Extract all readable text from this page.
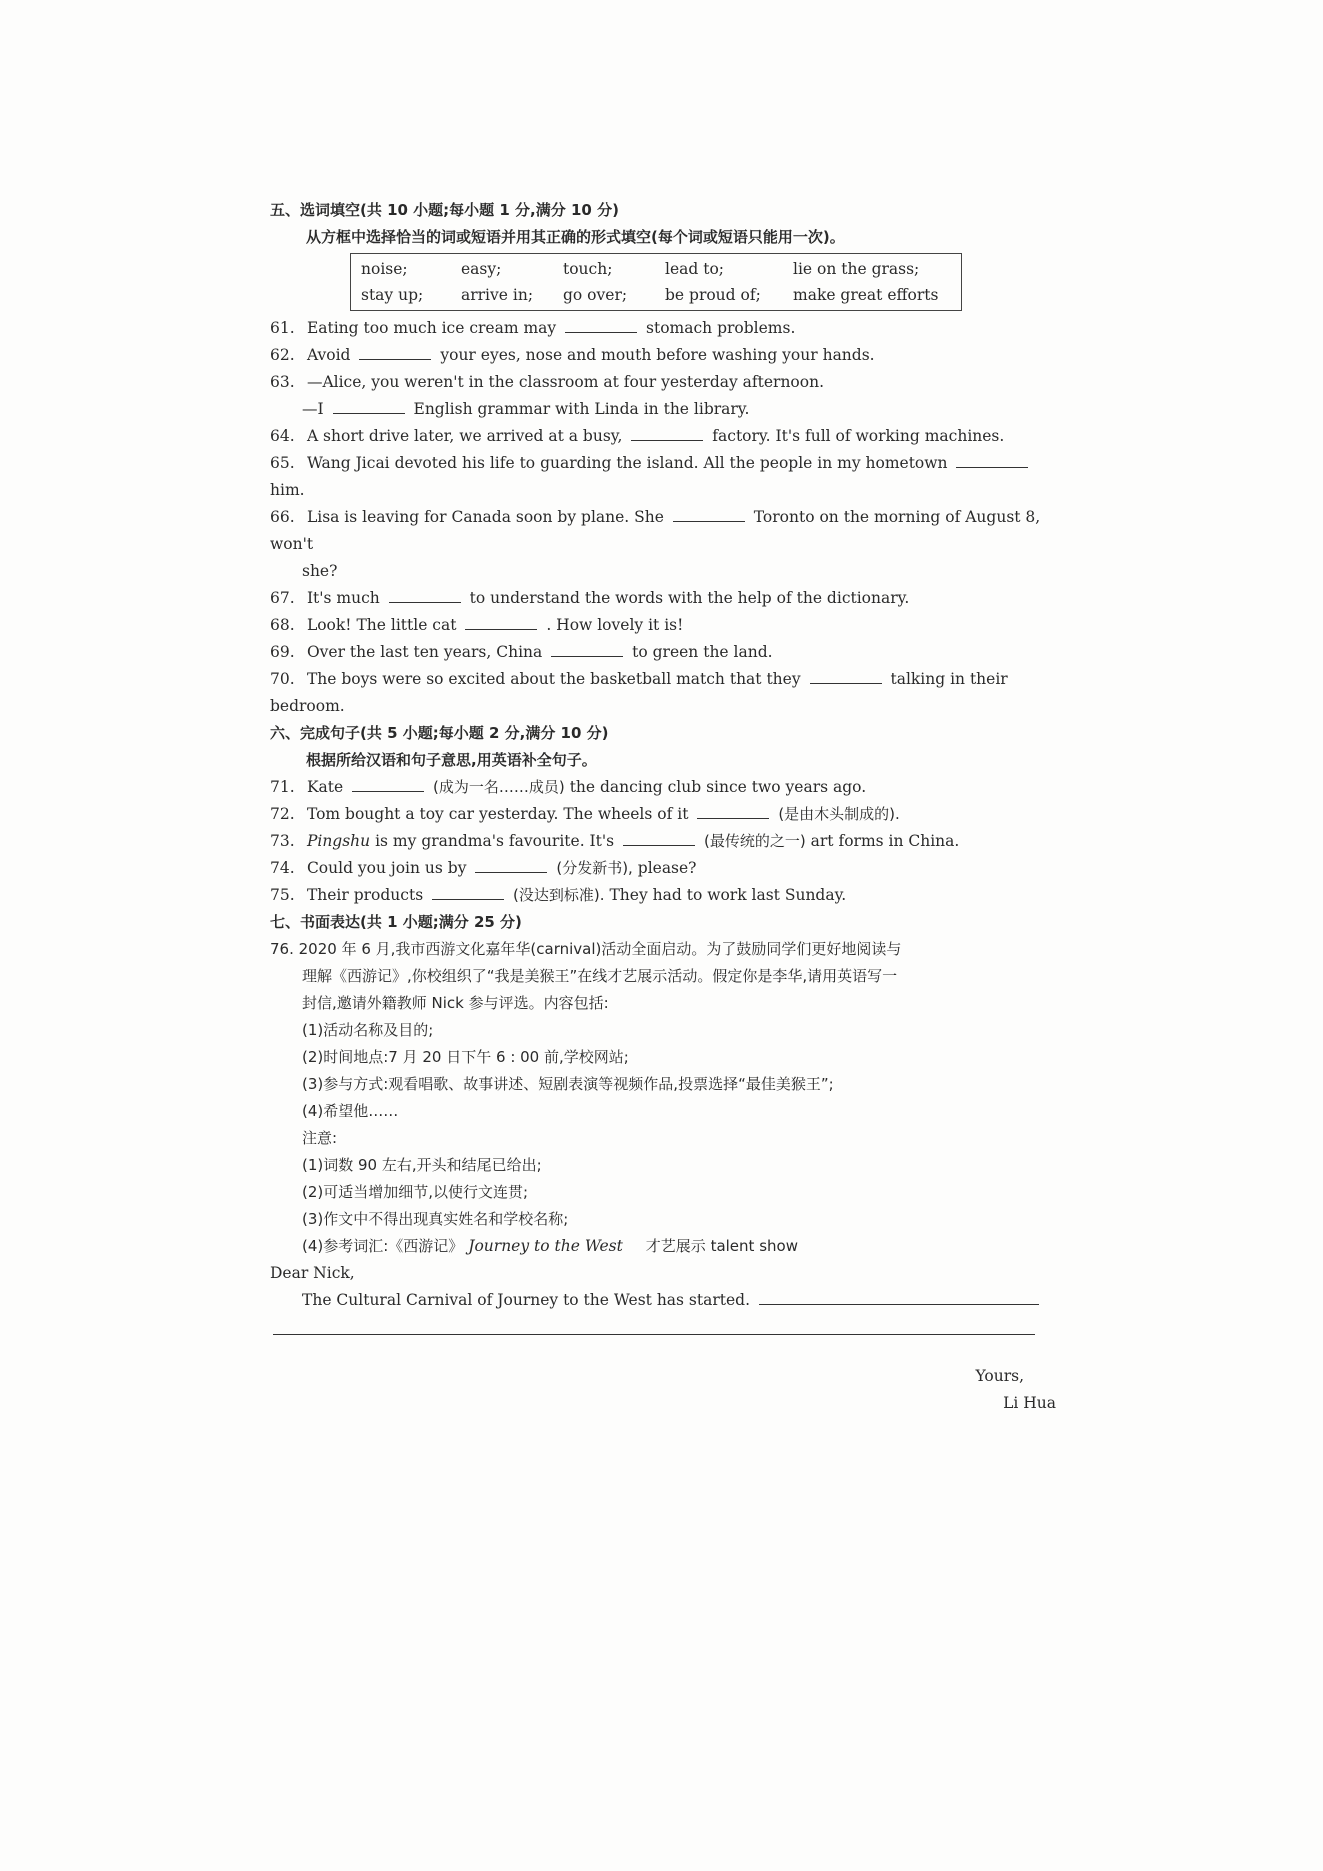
五、选词填空(共 10 小题;每小题 1 分,满分 10 分)
从方框中选择恰当的词或短语并用其正确的形式填空(每个词或短语只能用一次)。
noise;	easy;	touch;	lead to;	lie on the grass;
stay up;	arrive in;	go over;	be proud of;	make great efforts
61. Eating too much ice cream may	stomach problems.
62. Avoid	your eyes, nose and mouth before washing your hands.
63. —Alice, you weren't in the classroom at four yesterday afternoon.
—I	English grammar with Linda in the library.
64. A short drive later, we arrived at a busy,	factory. It's full of working machines.
65. Wang Jicai devoted his life to guarding the island. All the people in my hometown  him.
66. Lisa is leaving for Canada soon by plane. She	Toronto on the morning of August 8, won't
she?
67. It's much	to understand the words with the help of the dictionary.
68. Look! The little cat	. How lovely it is!
69. Over the last ten years, China	to green the land.
70. The boys were so excited about the basketball match that they	talking in their bedroom.
六、完成句子(共 5 小题;每小题 2 分,满分 10 分)
根据所给汉语和句子意思,用英语补全句子。
71. Kate	(成为一名……成员) the dancing club since two years ago.
72. Tom bought a toy car yesterday. The wheels of it	(是由木头制成的).
73. Pingshu is my grandma's favourite. It's	(最传统的之一) art forms in China.
74. Could you join us by	(分发新书), please?
75. Their products	(没达到标准). They had to work last Sunday.
七、书面表达(共 1 小题;满分 25 分)
76. 2020 年 6 月,我市西游文化嘉年华(carnival)活动全面启动。为了鼓励同学们更好地阅读与
理解《西游记》,你校组织了“我是美猴王”在线才艺展示活动。假定你是李华,请用英语写一
封信,邀请外籍教师 Nick 参与评选。内容包括:
(1)活动名称及目的;
(2)时间地点:7 月 20 日下午 6 : 00 前,学校网站;
(3)参与方式:观看唱歌、故事讲述、短剧表演等视频作品,投票选择“最佳美猴王”;
(4)希望他……
注意:
(1)词数 90 左右,开头和结尾已给出;
(2)可适当增加细节,以使行文连贯;
(3)作文中不得出现真实姓名和学校名称;
(4)参考词汇:《西游记》 Journey to the West 才艺展示 talent show
Dear Nick,
The Cultural Carnival of Journey to the West has started.
Yours,
Li Hua
